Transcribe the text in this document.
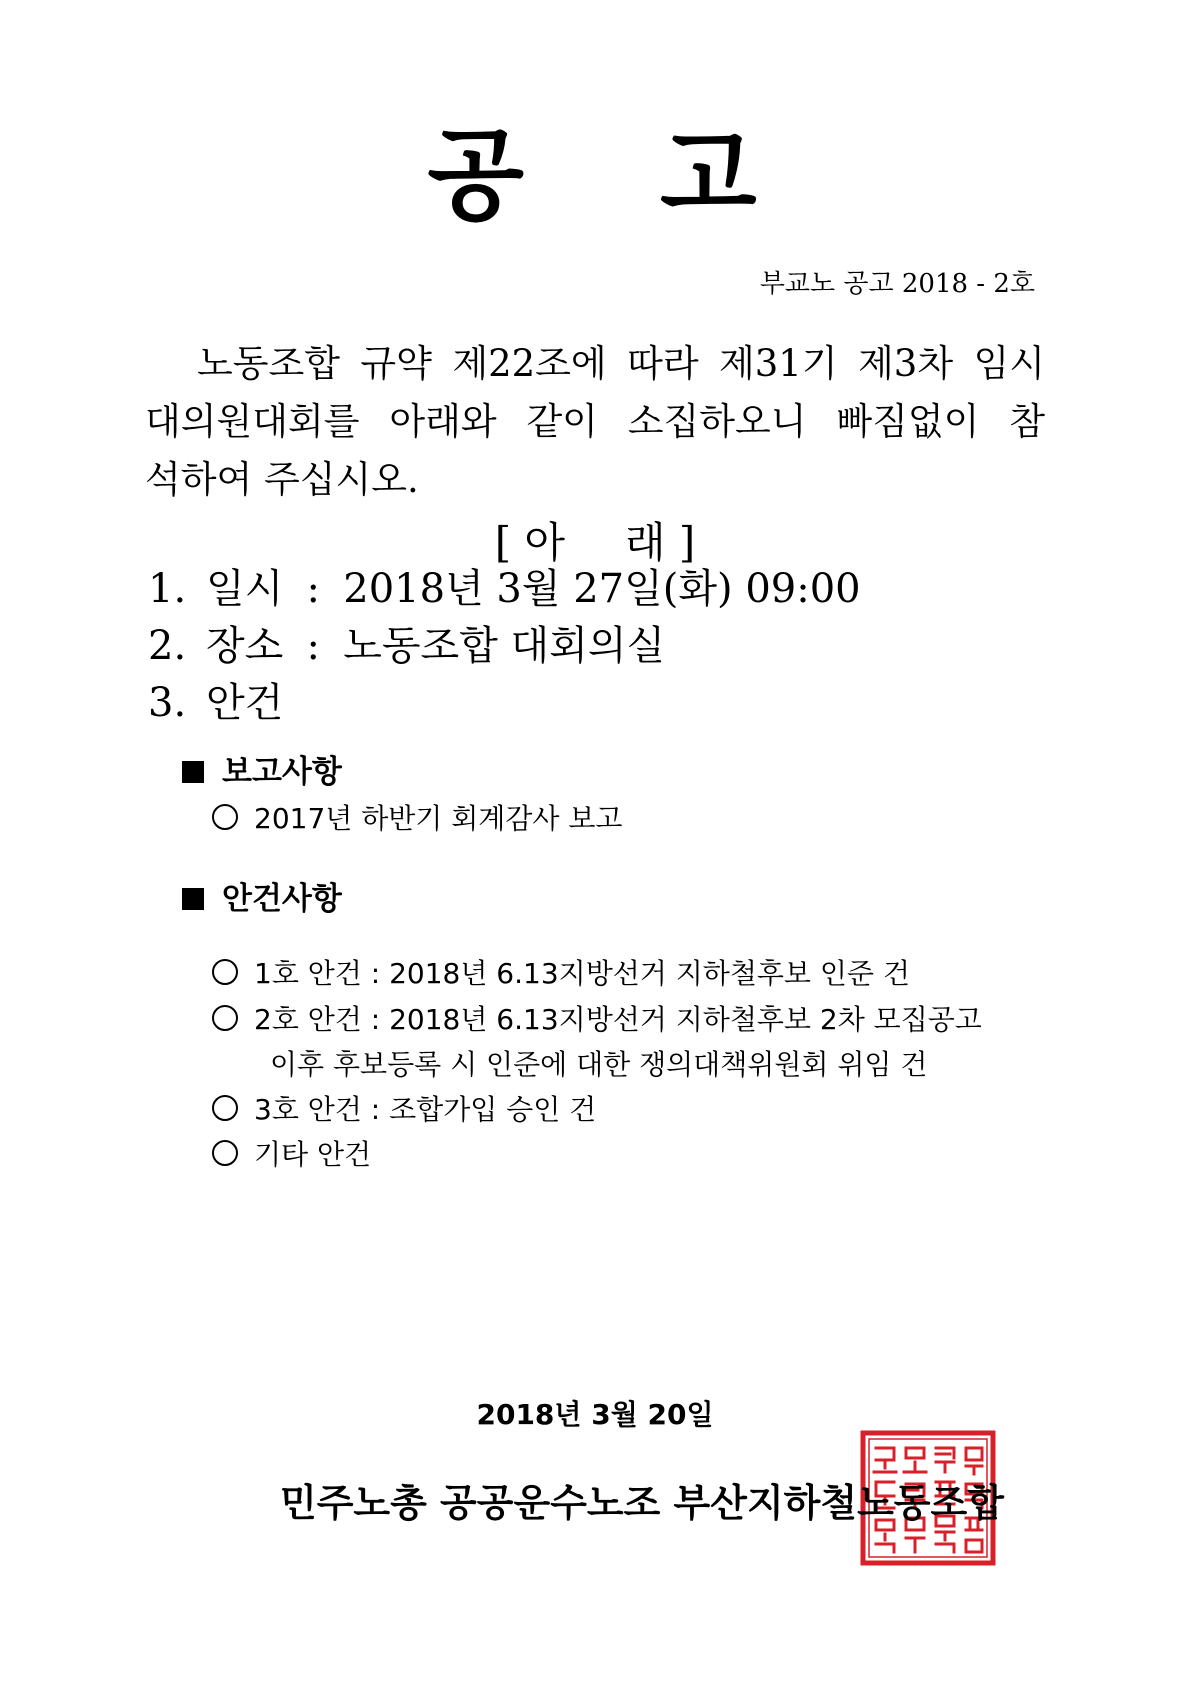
공 고
부교노 공고 2018 - 2호
노동조합 규약 제22조에 따라 제31기 제3차 임시
대의원대회를 아래와 같이 소집하오니 빠짐없이 참
석하여 주십시오.
[ 아 래 ]
1. 일시 : 2018년 3월 27일(화) 09:00
2. 장소 : 노동조합 대회의실
3. 안건
보고사항
2017년 하반기 회계감사 보고
안건사항
1호 안건 : 2018년 6.13지방선거 지하철후보 인준 건
2호 안건 : 2018년 6.13지방선거 지하철후보 2차 모집공고
이후 후보등록 시 인준에 대한 쟁의대책위원회 위임 건
3호 안건 : 조합가입 승인 건
기타 안건
2018년 3월 20일
민주노총 공공운수노조 부산지하철노동조합
